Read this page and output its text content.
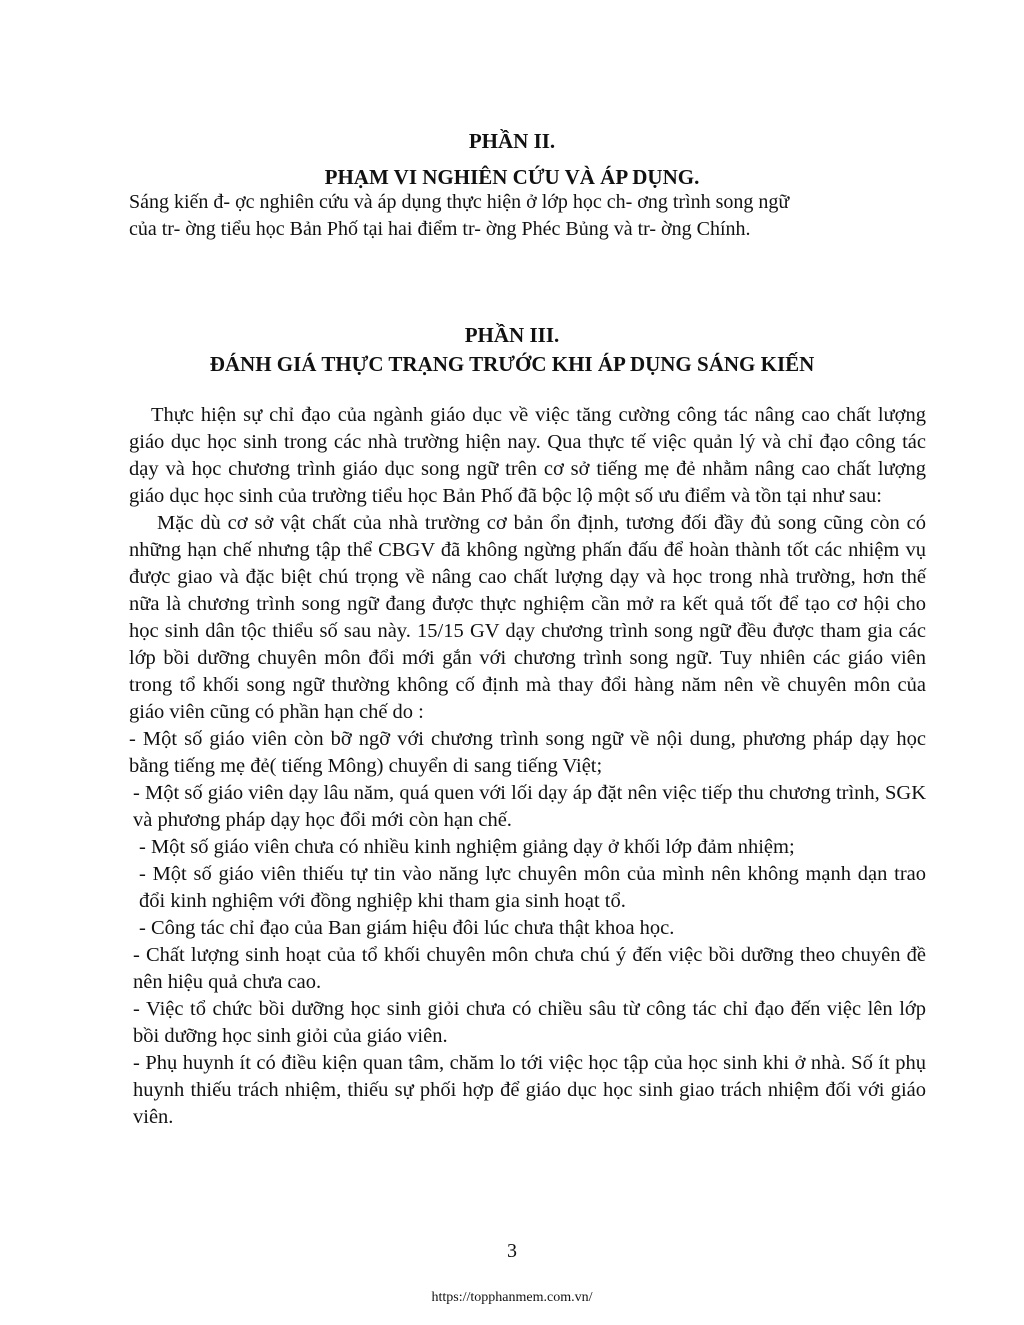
PHẦN II.

PHẠM VI NGHIÊN CỨU VÀ ÁP DỤNG.

Sáng kiến đ- ợc nghiên cứu và áp dụng thực hiện ở lớp học ch- ơng trình song ngữ

của tr- ờng tiểu học Bản Phố tại hai điểm tr- ờng Phéc Bủng và tr- ờng Chính.

PHẦN III.

ĐÁNH GIÁ THỰC TRẠNG TRƯỚC KHI ÁP DỤNG SÁNG KIẾN

Thực hiện sự chỉ đạo của ngành giáo dục về việc tăng cường công tác nâng cao chất lượng giáo dục học sinh trong các nhà trường hiện nay. Qua thực tế việc quản lý và chỉ đạo công tác dạy và học chương trình giáo dục song ngữ trên cơ sở tiếng mẹ đẻ nhằm nâng cao chất lượng giáo dục học sinh của trường tiểu học Bản Phố đã bộc lộ một số ưu điểm và tồn tại như sau:

Mặc dù cơ sở vật chất của nhà trường cơ bản ổn định, tương đối đầy đủ song cũng còn có những hạn chế nhưng tập thể CBGV đã không ngừng phấn đấu để hoàn thành tốt các nhiệm vụ được giao và đặc biệt chú trọng về nâng cao chất lượng dạy và học trong nhà trường, hơn thế nữa là chương trình song ngữ đang được thực nghiệm cần mở ra kết quả tốt để tạo cơ hội cho học sinh dân tộc thiểu số sau này. 15/15 GV dạy chương trình song ngữ đều được tham gia các lớp bồi dưỡng chuyên môn đổi mới gắn với chương trình song ngữ. Tuy nhiên các giáo viên trong tổ khối song ngữ thường không cố định mà thay đổi hàng năm nên về chuyên môn của giáo viên cũng có phần hạn chế do :

- Một số giáo viên còn bỡ ngỡ với chương trình song ngữ về nội dung, phương pháp dạy học bằng tiếng mẹ đẻ( tiếng Mông) chuyển di sang tiếng Việt;

- Một số giáo viên dạy lâu năm, quá quen với lối dạy áp đặt nên việc tiếp thu chương trình, SGK và phương pháp dạy học đổi mới còn hạn chế.

- Một số giáo viên chưa có nhiều kinh nghiệm giảng dạy ở khối lớp đảm nhiệm;

- Một số giáo viên thiếu tự tin vào năng lực chuyên môn của mình nên không mạnh dạn trao đổi kinh nghiệm với đồng nghiệp khi tham gia sinh hoạt tổ.

- Công tác chỉ đạo của Ban giám hiệu đôi lúc chưa thật khoa học.

- Chất lượng sinh hoạt của tổ khối chuyên môn chưa chú ý đến việc bồi dưỡng theo chuyên đề nên hiệu quả chưa cao.

- Việc tổ chức bồi dưỡng học sinh giỏi chưa có chiều sâu từ công tác chỉ đạo đến việc lên lớp bồi dưỡng học sinh giỏi của giáo viên.

- Phụ huynh ít có điều kiện quan tâm, chăm lo tới việc học tập của học sinh khi ở nhà. Số ít phụ huynh thiếu trách nhiệm, thiếu sự phối hợp để giáo dục học sinh giao trách nhiệm đối với giáo viên.

3

https://topphanmem.com.vn/
